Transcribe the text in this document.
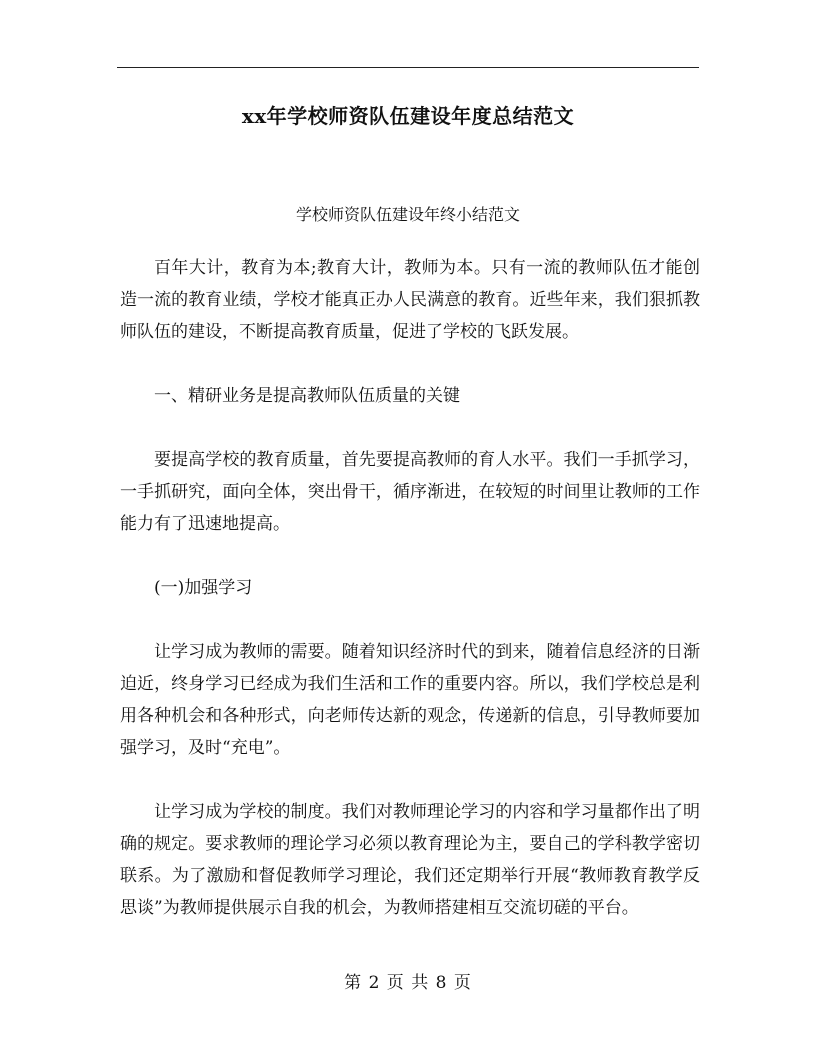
xx年学校师资队伍建设年度总结范文
学校师资队伍建设年终小结范文

百年大计，教育为本;教育大计，教师为本。只有一流的教师队伍才能创造一流的教育业绩，学校才能真正办人民满意的教育。近些年来，我们狠抓教师队伍的建设，不断提高教育质量，促进了学校的飞跃发展。

一、精研业务是提高教师队伍质量的关键

要提高学校的教育质量，首先要提高教师的育人水平。我们一手抓学习，一手抓研究，面向全体，突出骨干，循序渐进，在较短的时间里让教师的工作能力有了迅速地提高。

(一)加强学习

让学习成为教师的需要。随着知识经济时代的到来，随着信息经济的日渐迫近，终身学习已经成为我们生活和工作的重要内容。所以，我们学校总是利用各种机会和各种形式，向老师传达新的观念，传递新的信息，引导教师要加强学习，及时“充电”。

让学习成为学校的制度。我们对教师理论学习的内容和学习量都作出了明确的规定。要求教师的理论学习必须以教育理论为主，要自己的学科教学密切联系。为了激励和督促教师学习理论，我们还定期举行开展“教师教育教学反思谈”为教师提供展示自我的机会，为教师搭建相互交流切磋的平台。

第 2 页 共 8 页
